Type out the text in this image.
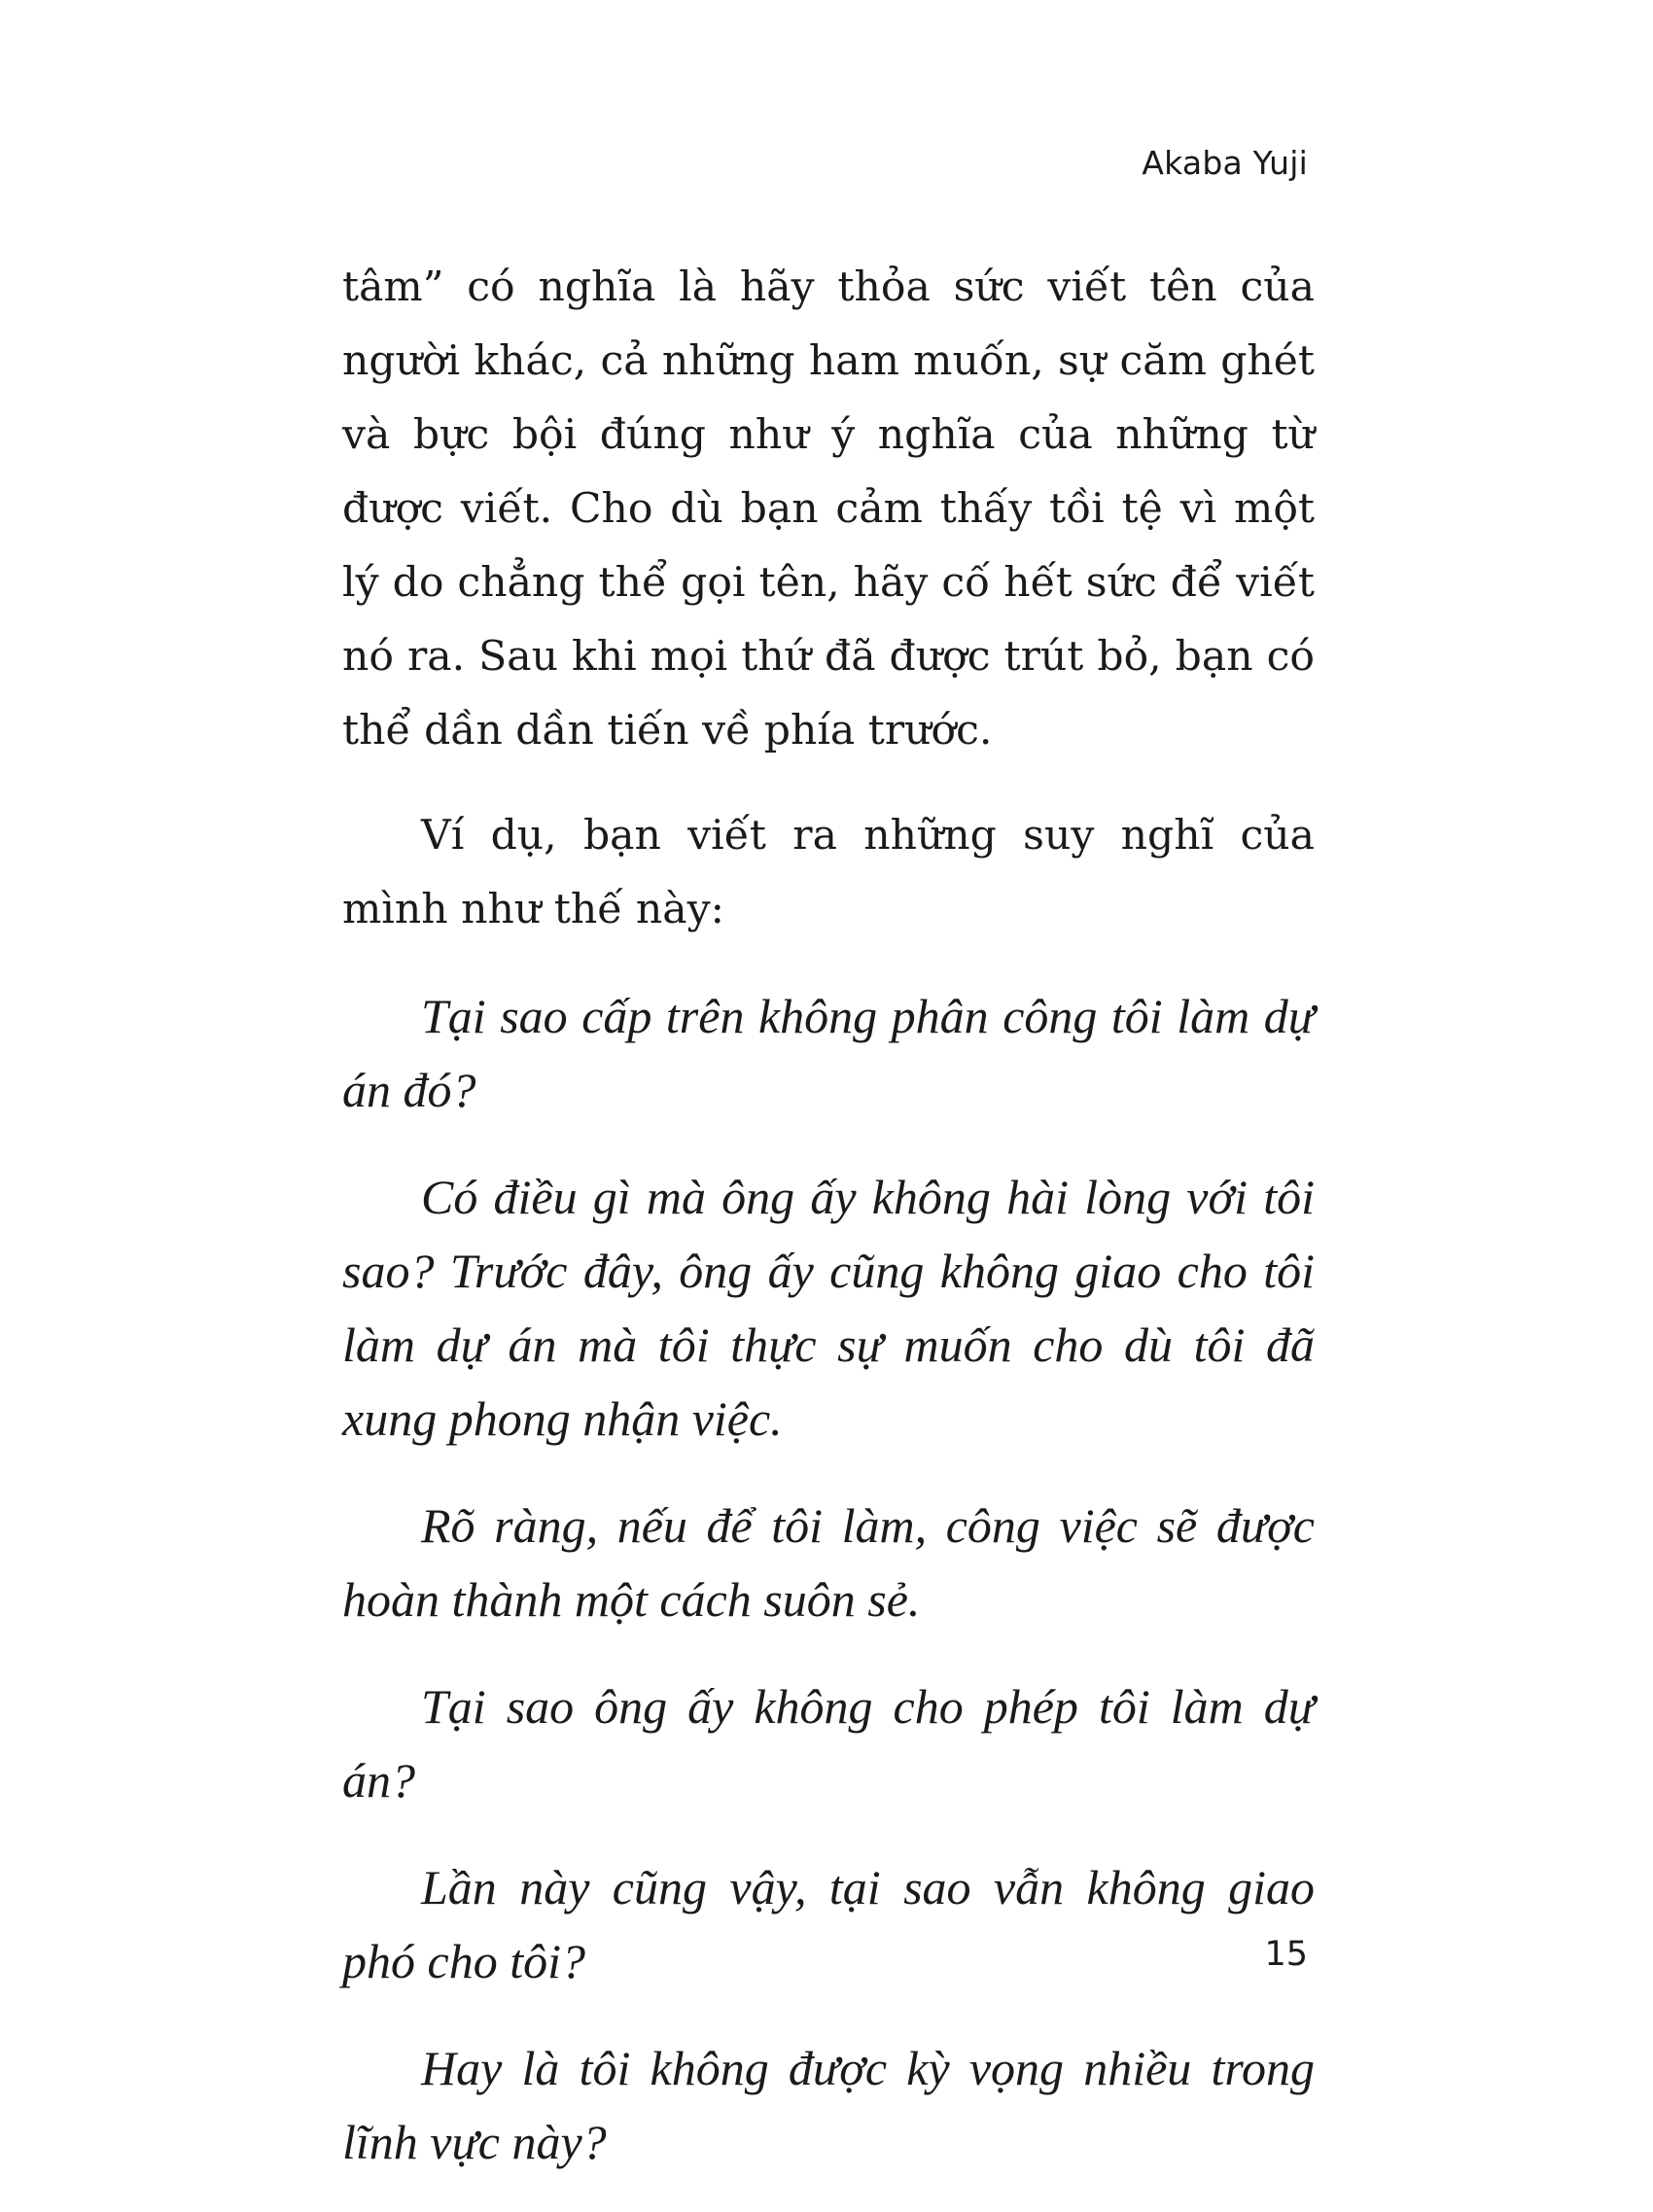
Akaba Yuji

tâm” có nghĩa là hãy thỏa sức viết tên của người khác, cả những ham muốn, sự căm ghét và bực bội đúng như ý nghĩa của những từ được viết. Cho dù bạn cảm thấy tồi tệ vì một lý do chẳng thể gọi tên, hãy cố hết sức để viết nó ra. Sau khi mọi thứ đã được trút bỏ, bạn có thể dần dần tiến về phía trước.

Ví dụ, bạn viết ra những suy nghĩ của mình như thế này:

Tại sao cấp trên không phân công tôi làm dự án đó?

Có điều gì mà ông ấy không hài lòng với tôi sao? Trước đây, ông ấy cũng không giao cho tôi làm dự án mà tôi thực sự muốn cho dù tôi đã xung phong nhận việc.

Rõ ràng, nếu để tôi làm, công việc sẽ được hoàn thành một cách suôn sẻ.

Tại sao ông ấy không cho phép tôi làm dự án?

Lần này cũng vậy, tại sao vẫn không giao phó cho tôi?

Hay là tôi không được kỳ vọng nhiều trong lĩnh vực này?

15
